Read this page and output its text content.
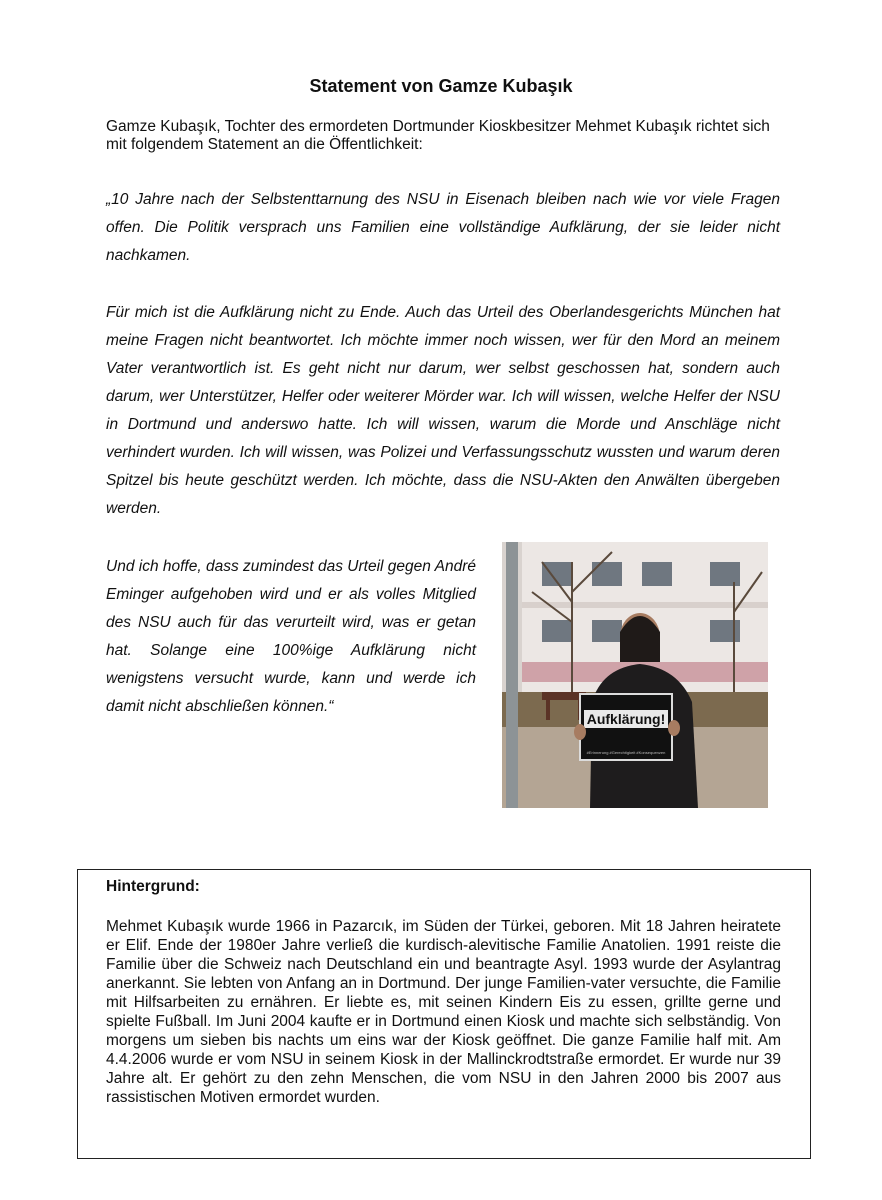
Statement von Gamze Kubaşık

Gamze Kubaşık, Tochter des ermordeten Dortmunder Kioskbesitzer Mehmet Kubaşık richtet sich mit folgendem Statement an die Öffentlichkeit:

„10 Jahre nach der Selbstenttarnung des NSU in Eisenach bleiben nach wie vor viele Fragen offen. Die Politik versprach uns Familien eine vollständige Aufklärung, der sie leider nicht nachkamen.

Für mich ist die Aufklärung nicht zu Ende. Auch das Urteil des Oberlandesgerichts München hat meine Fragen nicht beantwortet. Ich möchte immer noch wissen, wer für den Mord an meinem Vater verantwortlich ist. Es geht nicht nur darum, wer selbst geschossen hat, sondern auch darum, wer Unterstützer, Helfer oder weiterer Mörder war. Ich will wissen, welche Helfer der NSU in Dortmund und anderswo hatte. Ich will wissen, warum die Morde und Anschläge nicht verhindert wurden. Ich will wissen, was Polizei und Verfassungsschutz wussten und warum deren Spitzel bis heute geschützt werden. Ich möchte, dass die NSU-Akten den Anwälten übergeben werden.

Und ich hoffe, dass zumindest das Urteil gegen André Eminger aufgehoben wird und er als volles Mitglied des NSU auch für das verurteilt wird, was er getan hat. Solange eine 100%ige Aufklärung nicht wenigstens versucht wurde, kann und werde ich damit nicht abschließen können.“

Aufklärung!
#Erinnerung #Gerechtigkeit #Konsequenzen

Hintergrund:

Mehmet Kubaşık wurde 1966 in Pazarcık, im Süden der Türkei, geboren. Mit 18 Jahren heiratete er Elif. Ende der 1980er Jahre verließ die kurdisch-alevitische Familie Anatolien. 1991 reiste die Familie über die Schweiz nach Deutschland ein und beantragte Asyl. 1993 wurde der Asylantrag anerkannt. Sie lebten von Anfang an in Dortmund. Der junge Familien-vater versuchte, die Familie mit Hilfsarbeiten zu ernähren. Er liebte es, mit seinen Kindern Eis zu essen, grillte gerne und spielte Fußball. Im Juni 2004 kaufte er in Dortmund einen Kiosk und machte sich selbständig. Von morgens um sieben bis nachts um eins war der Kiosk geöffnet. Die ganze Familie half mit. Am 4.4.2006 wurde er vom NSU in seinem Kiosk in der Mallinckrodtstraße ermordet. Er wurde nur 39 Jahre alt. Er gehört zu den zehn Menschen, die vom NSU in den Jahren 2000 bis 2007 aus rassistischen Motiven ermordet wurden.
